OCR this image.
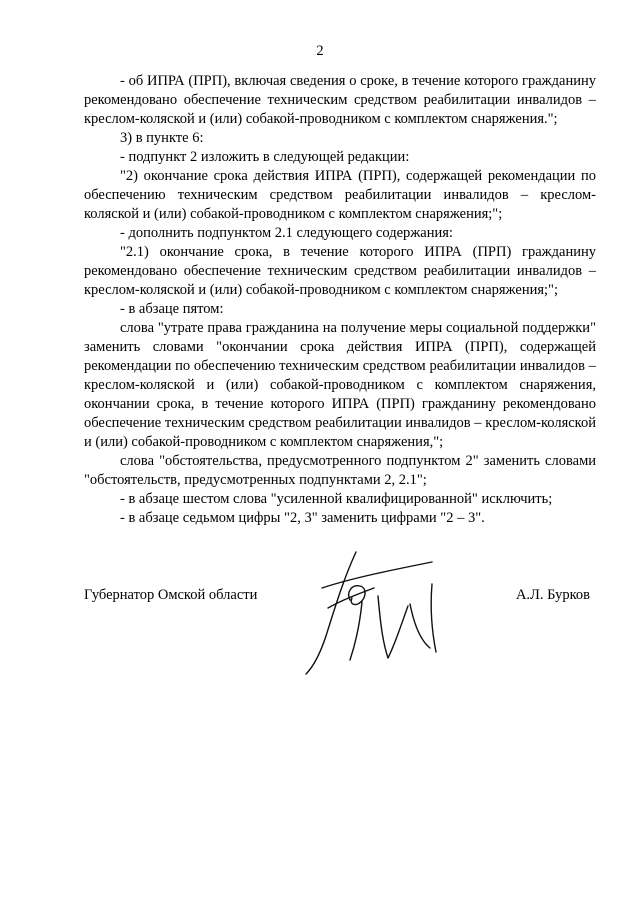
2

- об ИПРА (ПРП), включая сведения о сроке, в течение которого гражданину рекомендовано обеспечение техническим средством реабилитации инвалидов – креслом-коляской и (или) собакой-проводником с комплектом снаряжения.";

3) в пункте 6:

- подпункт 2 изложить в следующей редакции:

"2) окончание срока действия ИПРА (ПРП), содержащей рекомендации по обеспечению техническим средством реабилитации инвалидов – креслом-коляской и (или) собакой-проводником с комплектом снаряжения;";

- дополнить подпунктом 2.1 следующего содержания:

"2.1) окончание срока, в течение которого ИПРА (ПРП) гражданину рекомендовано обеспечение техническим средством реабилитации инвалидов – креслом-коляской и (или) собакой-проводником с комплектом снаряжения;";

- в абзаце пятом:

слова "утрате права гражданина на получение меры социальной поддержки" заменить словами "окончании срока действия ИПРА (ПРП), содержащей рекомендации по обеспечению техническим средством реабилитации инвалидов – креслом-коляской и (или) собакой-проводником с комплектом снаряжения, окончании срока, в течение которого ИПРА (ПРП) гражданину рекомендовано обеспечение техническим средством реабилитации инвалидов – креслом-коляской и (или) собакой-проводником с комплектом снаряжения,";

слова "обстоятельства, предусмотренного подпунктом 2" заменить словами "обстоятельств, предусмотренных подпунктами 2, 2.1";

- в абзаце шестом слова "усиленной квалифицированной" исключить;

- в абзаце седьмом цифры "2, 3" заменить цифрами "2 – 3".

Губернатор Омской области	А.Л. Бурков
